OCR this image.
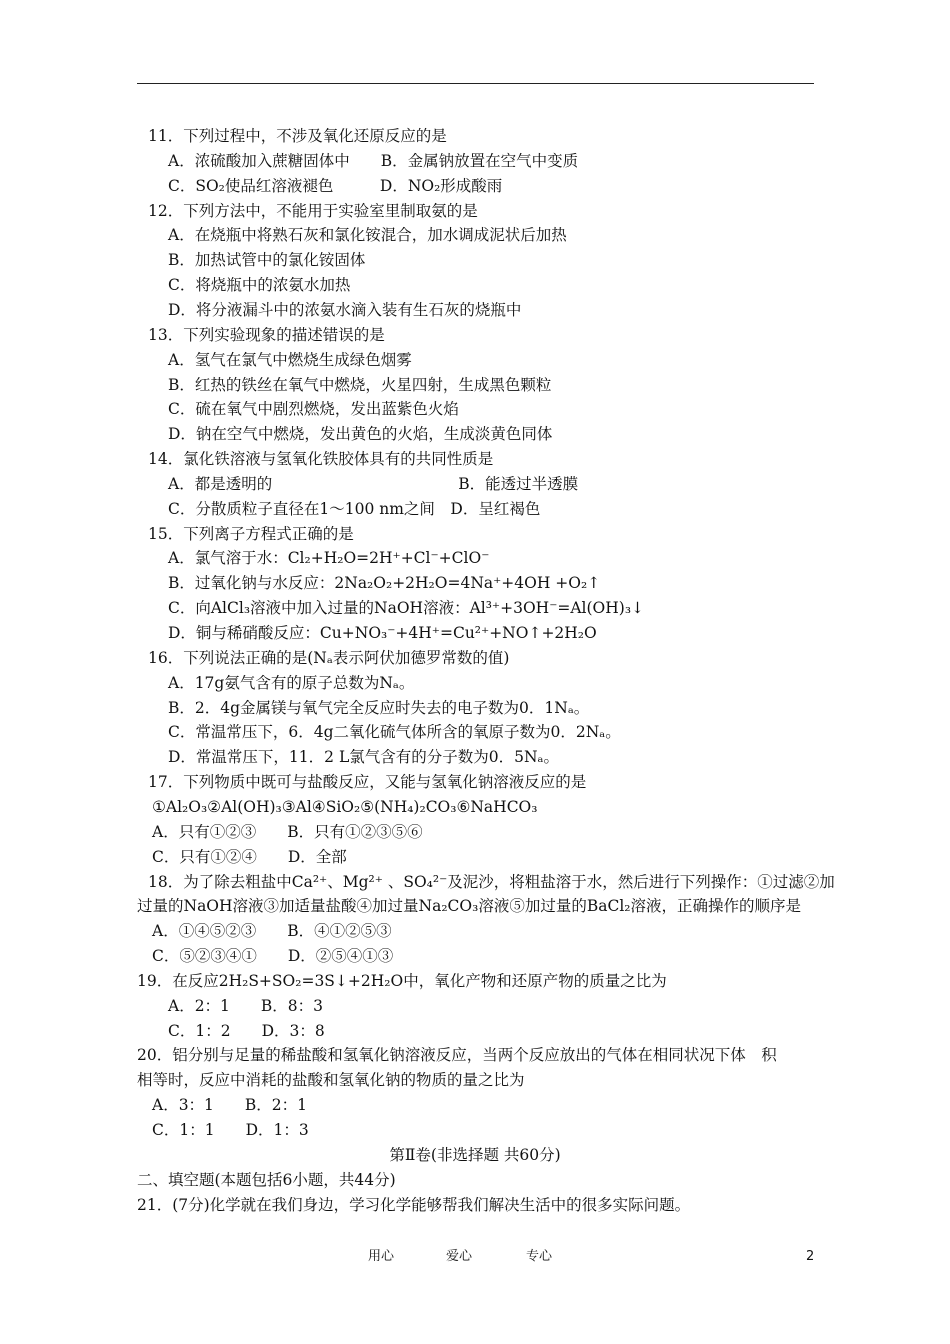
11．下列过程中，不涉及氧化还原反应的是
A．浓硫酸加入蔗糖固体中　　B．金属钠放置在空气中变质
C．SO₂使品红溶液褪色　　　D．NO₂形成酸雨
12．下列方法中，不能用于实验室里制取氨的是
A．在烧瓶中将熟石灰和氯化铵混合，加水调成泥状后加热
B．加热试管中的氯化铵固体
C．将烧瓶中的浓氨水加热
D．将分液漏斗中的浓氨水滴入装有生石灰的烧瓶中
13．下列实验现象的描述错误的是
A．氢气在氯气中燃烧生成绿色烟雾
B．红热的铁丝在氧气中燃烧，火星四射，生成黑色颗粒
C．硫在氧气中剧烈燃烧，发出蓝紫色火焰
D．钠在空气中燃烧，发出黄色的火焰，生成淡黄色同体
14．氯化铁溶液与氢氧化铁胶体具有的共同性质是
A．都是透明的　　　　　　　　　　　　B．能透过半透膜
C．分散质粒子直径在1～100 nm之间　D．呈红褐色
15．下列离子方程式正确的是
A．氯气溶于水：Cl₂+H₂O=2H⁺+Cl⁻+ClO⁻
B．过氧化钠与水反应：2Na₂O₂+2H₂O=4Na⁺+4OH +O₂↑
C．向AlCl₃溶液中加入过量的NaOH溶液：Al³⁺+3OH⁻=Al(OH)₃↓
D．铜与稀硝酸反应：Cu+NO₃⁻+4H⁺=Cu²⁺+NO↑+2H₂O
16．下列说法正确的是(Nₐ表示阿伏加德罗常数的值)
A．17g氨气含有的原子总数为Nₐ。
B．2．4g金属镁与氧气完全反应时失去的电子数为0．1Nₐ。
C．常温常压下，6．4g二氧化硫气体所含的氧原子数为0．2Nₐ。
D．常温常压下，11．2 L氯气含有的分子数为0．5Nₐ。
17．下列物质中既可与盐酸反应，又能与氢氧化钠溶液反应的是
①Al₂O₃②Al(OH)₃③Al④SiO₂⑤(NH₄)₂CO₃⑥NaHCO₃
A．只有①②③　　B．只有①②③⑤⑥
C．只有①②④　　D．全部
18．为了除去粗盐中Ca²⁺、Mg²⁺ 、SO₄²⁻及泥沙，将粗盐溶于水，然后进行下列操作：①过滤②加
过量的NaOH溶液③加适量盐酸④加过量Na₂CO₃溶液⑤加过量的BaCl₂溶液，正确操作的顺序是
A．①④⑤②③　　B．④①②⑤③
C．⑤②③④①　　D．②⑤④①③
19．在反应2H₂S+SO₂=3S↓+2H₂O中，氧化产物和还原产物的质量之比为
A．2：1　　B．8：3
C．1：2　　D．3：8
20．铝分别与足量的稀盐酸和氢氧化钠溶液反应，当两个反应放出的气体在相同状况下体　积
相等时，反应中消耗的盐酸和氢氧化钠的物质的量之比为
A．3：1　　B．2：1
C．1：1　　D．1：3
第Ⅱ卷(非选择题 共60分)
二、填空题(本题包括6小题，共44分)
21．(7分)化学就在我们身边，学习化学能够帮我们解决生活中的很多实际问题。
用心	爱心	专心	2
